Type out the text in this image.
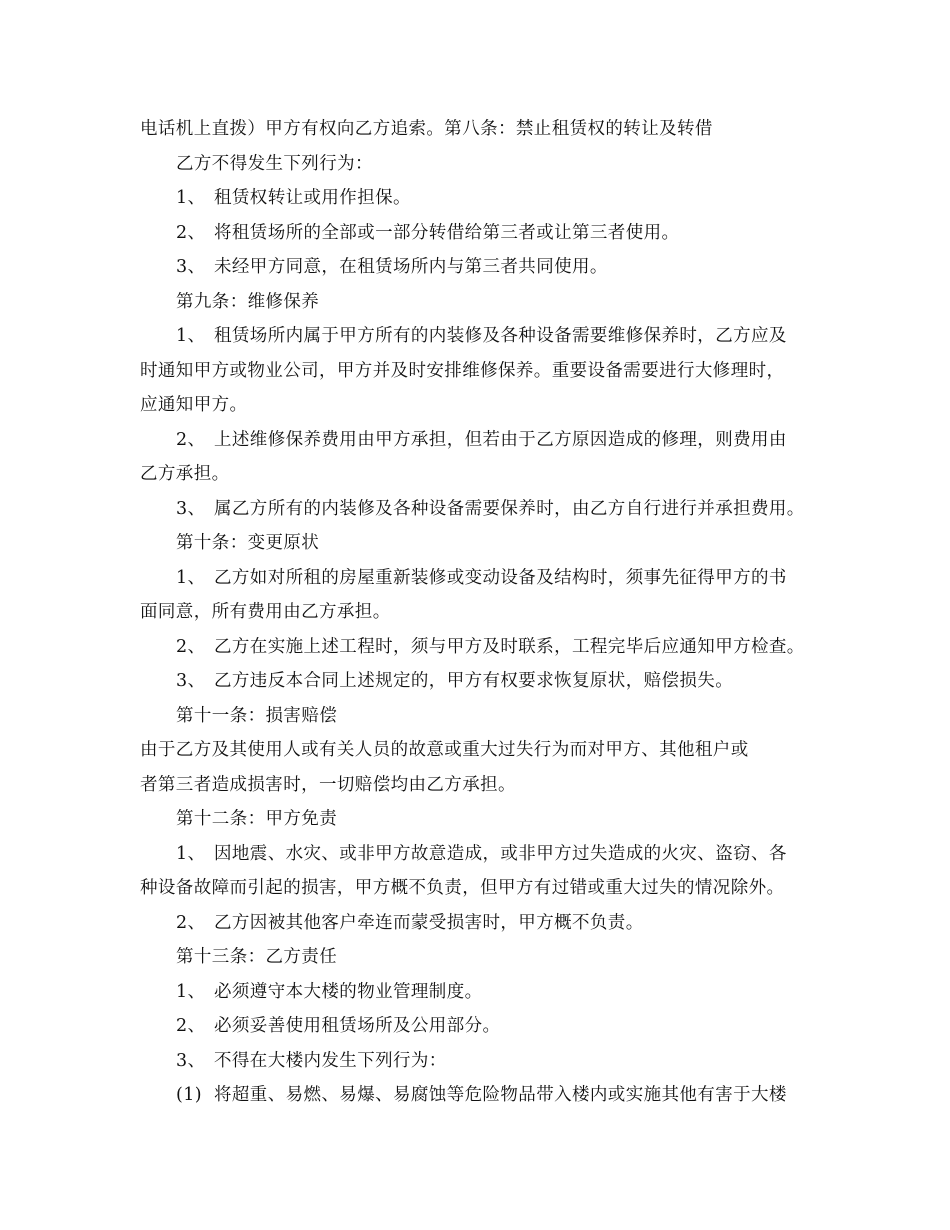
电话机上直拨）甲方有权向乙方追索。第八条：禁止租赁权的转让及转借
乙方不得发生下列行为：
1、 租赁权转让或用作担保。
2、 将租赁场所的全部或一部分转借给第三者或让第三者使用。
3、 未经甲方同意，在租赁场所内与第三者共同使用。
第九条：维修保养
1、 租赁场所内属于甲方所有的内装修及各种设备需要维修保养时，乙方应及
时通知甲方或物业公司，甲方并及时安排维修保养。重要设备需要进行大修理时，
应通知甲方。
2、 上述维修保养费用由甲方承担，但若由于乙方原因造成的修理，则费用由
乙方承担。
3、 属乙方所有的内装修及各种设备需要保养时，由乙方自行进行并承担费用。
第十条：变更原状
1、 乙方如对所租的房屋重新装修或变动设备及结构时，须事先征得甲方的书
面同意，所有费用由乙方承担。
2、 乙方在实施上述工程时，须与甲方及时联系，工程完毕后应通知甲方检查。
3、 乙方违反本合同上述规定的，甲方有权要求恢复原状，赔偿损失。
第十一条：损害赔偿
由于乙方及其使用人或有关人员的故意或重大过失行为而对甲方、其他租户或
者第三者造成损害时，一切赔偿均由乙方承担。
第十二条：甲方免责
1、 因地震、水灾、或非甲方故意造成，或非甲方过失造成的火灾、盗窃、各
种设备故障而引起的损害，甲方概不负责，但甲方有过错或重大过失的情况除外。
2、 乙方因被其他客户牵连而蒙受损害时，甲方概不负责。
第十三条：乙方责任
1、 必须遵守本大楼的物业管理制度。
2、 必须妥善使用租赁场所及公用部分。
3、 不得在大楼内发生下列行为：
(1) 将超重、易燃、易爆、易腐蚀等危险物品带入楼内或实施其他有害于大楼
